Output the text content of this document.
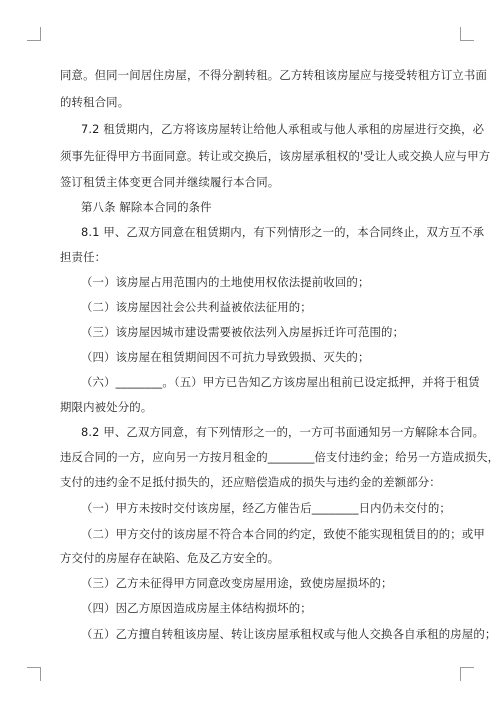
同意。但同一间居住房屋，不得分割转租。乙方转租该房屋应与接受转租方订立书面
的转租合同。
7.2 租赁期内，乙方将该房屋转让给他人承租或与他人承租的房屋进行交换，必
须事先征得甲方书面同意。转让或交换后，该房屋承租权的'受让人或交换人应与甲方
签订租赁主体变更合同并继续履行本合同。
第八条 解除本合同的条件
8.1 甲、乙双方同意在租赁期内，有下列情形之一的，本合同终止，双方互不承
担责任：
（一）该房屋占用范围内的土地使用权依法提前收回的；
（二）该房屋因社会公共利益被依法征用的；
（三）该房屋因城市建设需要被依法列入房屋拆迁许可范围的；
（四）该房屋在租赁期间因不可抗力导致毁损、灭失的；
（六）________。（五）甲方已告知乙方该房屋出租前已设定抵押，并将于租赁
期限内被处分的。
8.2 甲、乙双方同意，有下列情形之一的，一方可书面通知另一方解除本合同。
违反合同的一方，应向另一方按月租金的________倍支付违约金；给另一方造成损失，
支付的违约金不足抵付损失的，还应赔偿造成的损失与违约金的差额部分：
（一）甲方未按时交付该房屋，经乙方催告后________日内仍未交付的；
（二）甲方交付的该房屋不符合本合同的约定，致使不能实现租赁目的的；或甲
方交付的房屋存在缺陷、危及乙方安全的。
（三）乙方未征得甲方同意改变房屋用途，致使房屋损坏的；
（四）因乙方原因造成房屋主体结构损坏的；
（五）乙方擅自转租该房屋、转让该房屋承租权或与他人交换各自承租的房屋的；
